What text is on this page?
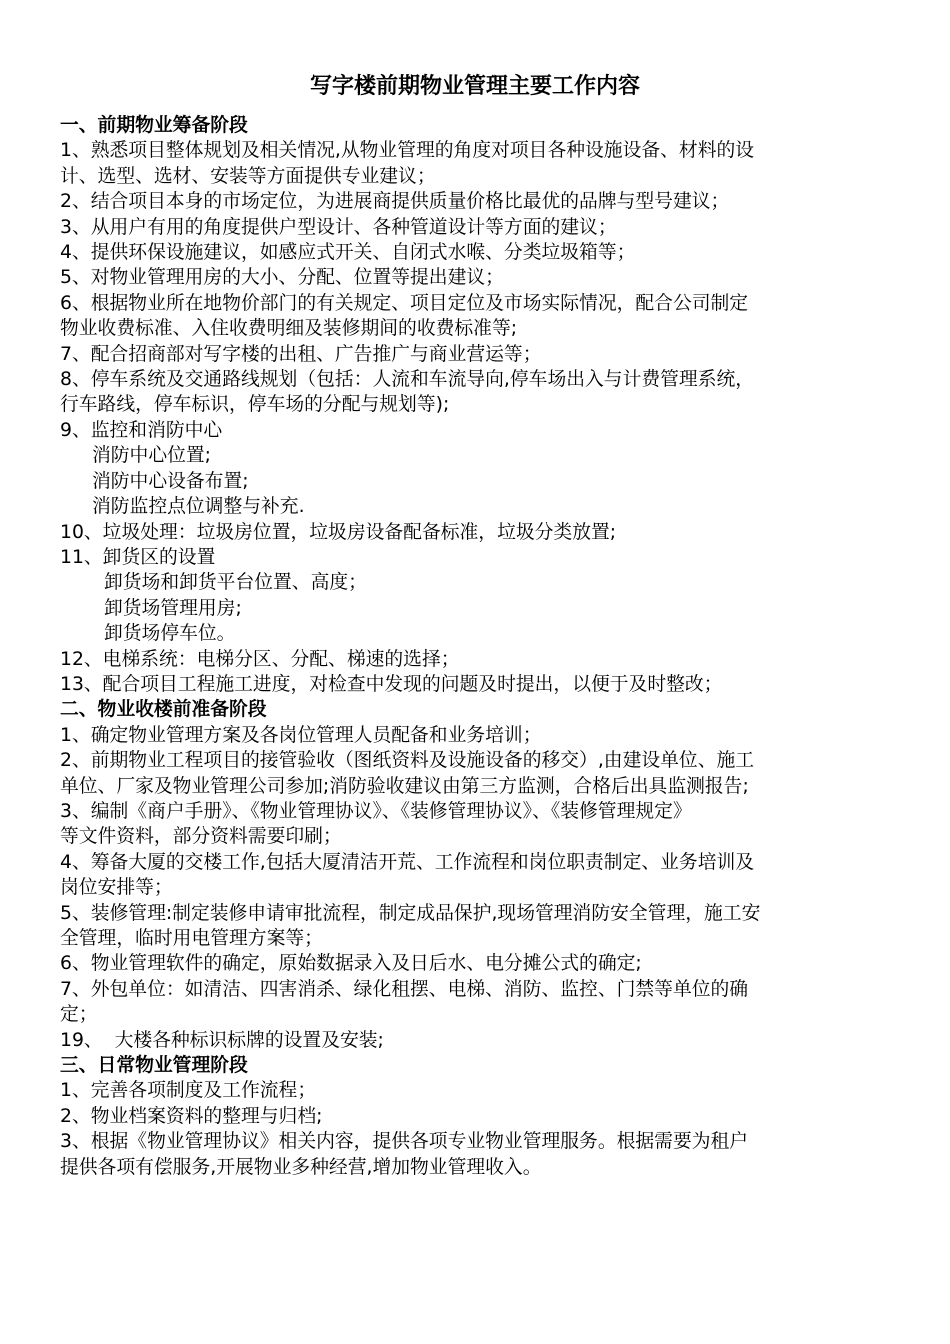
写字楼前期物业管理主要工作内容
一、前期物业筹备阶段
1、熟悉项目整体规划及相关情况,从物业管理的角度对项目各种设施设备、材料的设
计、选型、选材、安装等方面提供专业建议；
2、结合项目本身的市场定位，为进展商提供质量价格比最优的品牌与型号建议；
3、从用户有用的角度提供户型设计、各种管道设计等方面的建议；
4、提供环保设施建议，如感应式开关、自闭式水喉、分类垃圾箱等；
5、对物业管理用房的大小、分配、位置等提出建议；
6、根据物业所在地物价部门的有关规定、项目定位及市场实际情况，配合公司制定
物业收费标准、入住收费明细及装修期间的收费标准等;
7、配合招商部对写字楼的出租、广告推广与商业营运等；
8、停车系统及交通路线规划（包括：人流和车流导向,停车场出入与计费管理系统，
行车路线，停车标识，停车场的分配与规划等);
9、监控和消防中心
消防中心位置;
消防中心设备布置;
消防监控点位调整与补充.
10、垃圾处理：垃圾房位置，垃圾房设备配备标准，垃圾分类放置;
11、卸货区的设置
卸货场和卸货平台位置、高度；
卸货场管理用房;
卸货场停车位。
12、电梯系统：电梯分区、分配、梯速的选择；
13、配合项目工程施工进度，对检查中发现的问题及时提出，以便于及时整改；
二、物业收楼前准备阶段
1、确定物业管理方案及各岗位管理人员配备和业务培训；
2、前期物业工程项目的接管验收（图纸资料及设施设备的移交）,由建设单位、施工
单位、厂家及物业管理公司参加;消防验收建议由第三方监测，合格后出具监测报告;
3、编制《商户手册》、《物业管理协议》、《装修管理协议》、《装修管理规定》
等文件资料，部分资料需要印刷；
4、筹备大厦的交楼工作,包括大厦清洁开荒、工作流程和岗位职责制定、业务培训及
岗位安排等；
5、装修管理:制定装修申请审批流程，制定成品保护,现场管理消防安全管理，施工安
全管理，临时用电管理方案等；
6、物业管理软件的确定，原始数据录入及日后水、电分摊公式的确定;
7、外包单位：如清洁、四害消杀、绿化租摆、电梯、消防、监控、门禁等单位的确
定；
19、  大楼各种标识标牌的设置及安装;
三、日常物业管理阶段
1、完善各项制度及工作流程；
2、物业档案资料的整理与归档;
3、根据《物业管理协议》相关内容，提供各项专业物业管理服务。根据需要为租户
提供各项有偿服务,开展物业多种经营,增加物业管理收入。
